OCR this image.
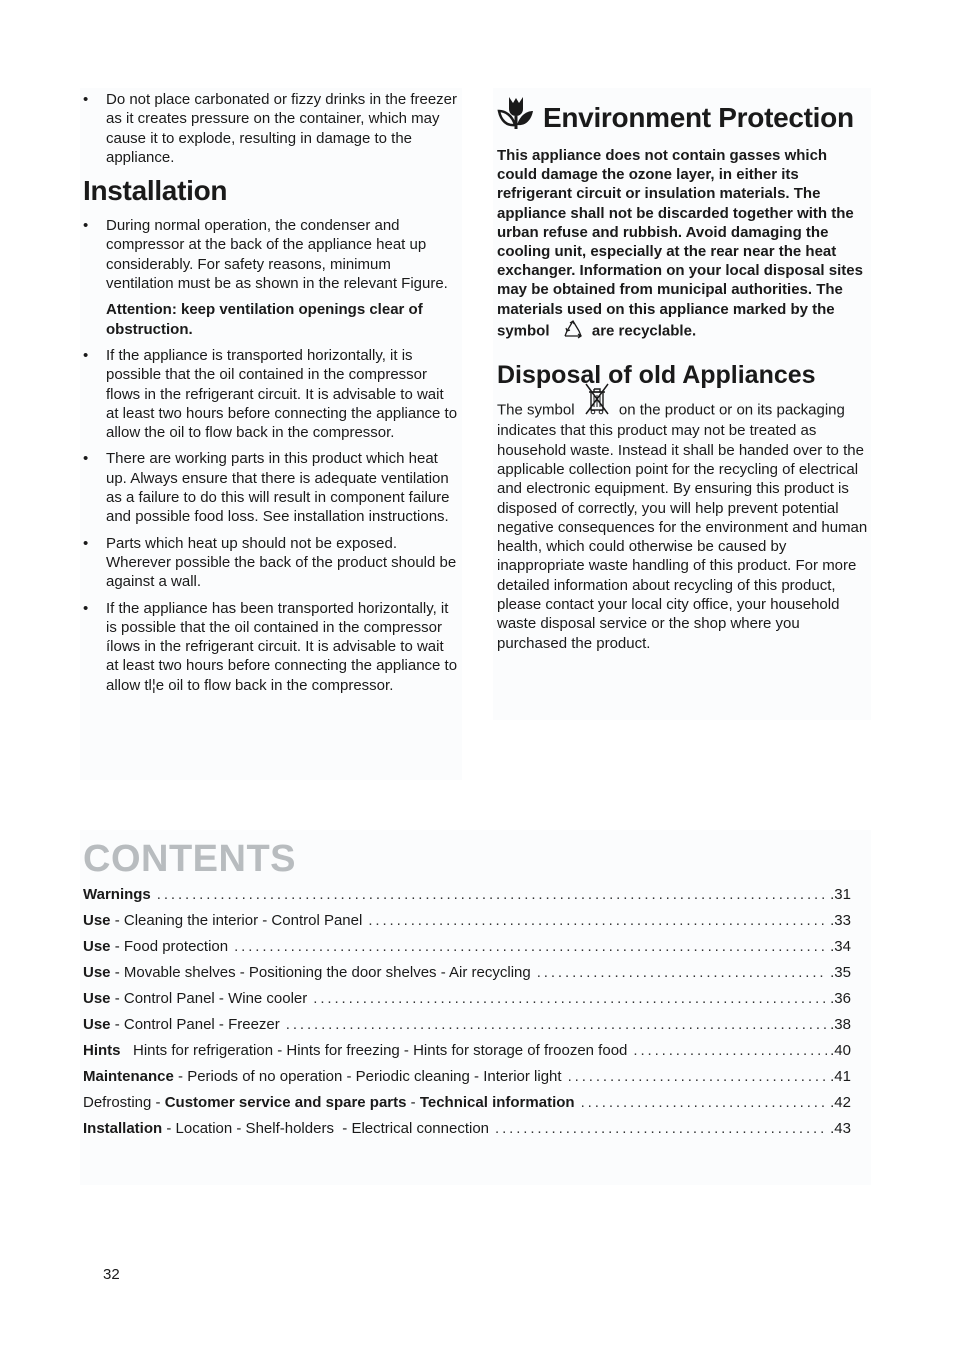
• Do not place carbonated or fizzy drinks in the freezer as it creates pressure on the container, which may cause it to explode, resulting in damage to the appliance.
Installation
• During normal operation, the condenser and compressor at the back of the appliance heat up considerably. For safety reasons, minimum ventilation must be as shown in the relevant Figure.

Attention: keep ventilation openings clear of obstruction.

• If the appliance is transported horizontally, it is possible that the oil contained in the compressor flows in the refrigerant circuit. It is advisable to wait at least two hours before connecting the appliance to allow the oil to flow back in the compressor.
• There are working parts in this product which heat up. Always ensure that there is adequate ventilation as a failure to do this will result in component failure and possible food loss. See installation instructions.
• Parts which heat up should not be exposed. Wherever possible the back of the product should be against a wall.
• If the appliance has been transported horizontally, it is possible that the oil contained in the compressor ílows in the refrigerant circuit. It is advisable to wait at least two hours before connecting the appliance to allow tl¦e oil to flow back in the compressor.
Environment Protection
This appliance does not contain gasses which could damage the ozone layer, in either its refrigerant circuit or insulation materials. The appliance shall not be discarded together with the urban refuse and rubbish. Avoid damaging the cooling unit, especially at the rear near the heat exchanger. Information on your local disposal sites may be obtained from municipal authorities. The materials used on this appliance marked by the symbol	are recyclable.
Disposal of old Appliances
The symbol	on the product or on its packaging indicates that this product may not be treated as household waste. Instead it shall be handed over to the applicable collection point for the recycling of electrical and electronic equipment. By ensuring this product is disposed of correctly, you will help prevent potential negative consequences for the environment and human health, which could otherwise be caused by inappropriate waste handling of this product. For more detailed information about recycling of this product, please contact your local city office, your household waste disposal service or the shop where you purchased the product.
CONTENTS
Warnings .....	.31
Use - Cleaning the interior - Control Panel .....	.33
Use - Food protection .....	.34
Use - Movable shelves - Positioning the door shelves - Air recycling .....	.35
Use - Control Panel - Wine cooler .....	.36
Use - Control Panel - Freezer .....	.38
Hints   Hints for refrigeration - Hints for freezing - Hints for storage of froozen food .....	.40
Maintenance - Periods of no operation - Periodic cleaning - Interior light .....	.41
Defrosting - Customer service and spare parts - Technical information .....	.42
Installation - Location - Shelf-holders  - Electrical connection .....	.43
32
